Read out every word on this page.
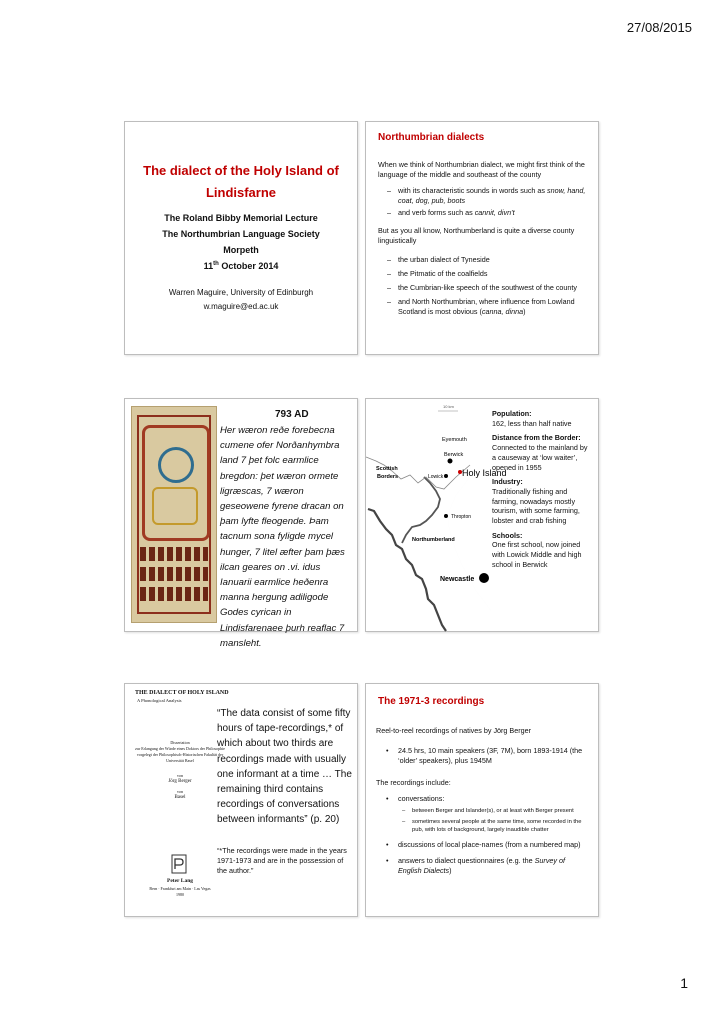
27/08/2015
The dialect of the Holy Island of
Lindisfarne
The Roland Bibby Memorial Lecture
The Northumbrian Language Society
Morpeth
11th October 2014
Warren Maguire, University of Edinburgh
w.maguire@ed.ac.uk
Northumbrian dialects

When we think of Northumbrian dialect, we might first think of the language of the middle and southeast of the county

– with its characteristic sounds in words such as snow, hand, coat, dog, pub, boots
– and verb forms such as cannit, divn’t

But as you all know, Northumberland is quite a diverse county linguistically

– the urban dialect of Tyneside
– the Pitmatic of the coalfields
– the Cumbrian-like speech of the southwest of the county
– and North Northumbrian, where influence from Lowland Scotland is most obvious (canna, dinna)
793 AD
Her wæron reðe forebecna cumene ofer Norðanhymbra land 7 þet folc earmlice bregdon: þet wæron ormete ligræscas, 7 wæron geseowene fyrene dracan on þam lyfte fleogende. Þam tacnum sona fyligde mycel hunger, 7 litel æfter þam þæs ilcan geares on .vi. idus Ianuarii earmlice heðenra manna hergung adiligode Godes cyrican in Lindisfarenaee þurh reaflac 7 mansleht.
10 km
Eyemouth
Berwick
Scottish
Borders	Lowick Holy Island
Thropton
Northumberland
Newcastle
Population:
162, less than half native
Distance from the Border:
Connected to the mainland by a causeway at ‘low waiter’, opened in 1955
Industry:
Traditionally fishing and farming, nowadays mostly tourism, with some farming, lobster and crab fishing
Schools:
One first school, now joined with Lowick Middle and high school in Berwick
THE DIALECT OF HOLY ISLAND
A Phonological Analysis
Dissertation
zur Erlangung der Würde eines Doktors der Philosophie
vorgelegt der Philosophisch-Historischen Fakultät der
Universität Basel
von
Jörg Berger
von
Basel
Peter Lang
Bern · Frankfurt am Main · Las Vegas
1980
“The data consist of some fifty hours of tape-recordings,* of which about two thirds are recordings made with usually one informant at a time … The remaining third contains recordings of conversations between informants” (p. 20)
“*The recordings were made in the years 1971-1973 and are in the possession of the author.”
The 1971-3 recordings
Reel-to-reel recordings of natives by Jörg Berger
• 24.5 hrs, 10 main speakers (3F, 7M), born 1893-1914 (the ‘older’ speakers), plus 1945M
The recordings include:
• conversations:
– between Berger and Islander(s), or at least with Berger present
– sometimes several people at the same time, some recorded in the pub, with lots of background, largely inaudible chatter
• discussions of local place-names (from a numbered map)
• answers to dialect questionnaires (e.g. the Survey of English Dialects)
1
